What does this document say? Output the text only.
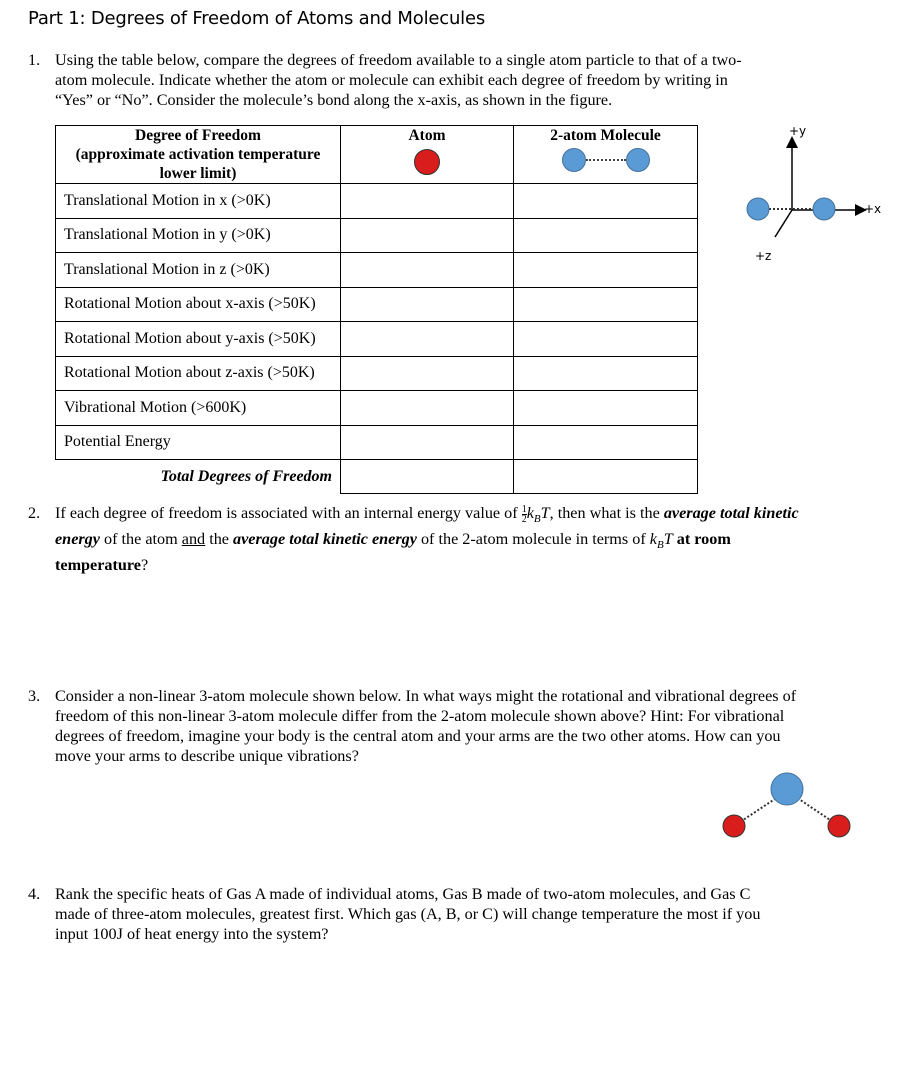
Part 1: Degrees of Freedom of Atoms and Molecules
1. Using the table below, compare the degrees of freedom available to a single atom particle to that of a two-
atom molecule. Indicate whether the atom or molecule can exhibit each degree of freedom by writing in
“Yes” or “No”. Consider the molecule’s bond along the x-axis, as shown in the figure.
Degree of Freedom
(approximate activation temperature
lower limit)	Atom	2-atom Molecule

Translational Motion in x (>0K)		
Translational Motion in y (>0K)		
Translational Motion in z (>0K)		
Rotational Motion about x-axis (>50K)		
Rotational Motion about y-axis (>50K)		
Rotational Motion about z-axis (>50K)		
Vibrational Motion (>600K)		
Potential Energy		
Total Degrees of Freedom		
+y
+x
+z
2. If each degree of freedom is associated with an internal energy value of $\frac{1}{2} k_BT$, then what is the average total kinetic
energy of the atom and the average total kinetic energy of the 2-atom molecule in terms of $k_BT$ at room
temperature?
3. Consider a non-linear 3-atom molecule shown below. In what ways might the rotational and vibrational degrees of
freedom of this non-linear 3-atom molecule differ from the 2-atom molecule shown above? Hint: For vibrational
degrees of freedom, imagine your body is the central atom and your arms are the two other atoms. How can you
move your arms to describe unique vibrations?
4. Rank the specific heats of Gas A made of individual atoms, Gas B made of two-atom molecules, and Gas C
made of three-atom molecules, greatest first. Which gas (A, B, or C) will change temperature the most if you
input 100J of heat energy into the system?
